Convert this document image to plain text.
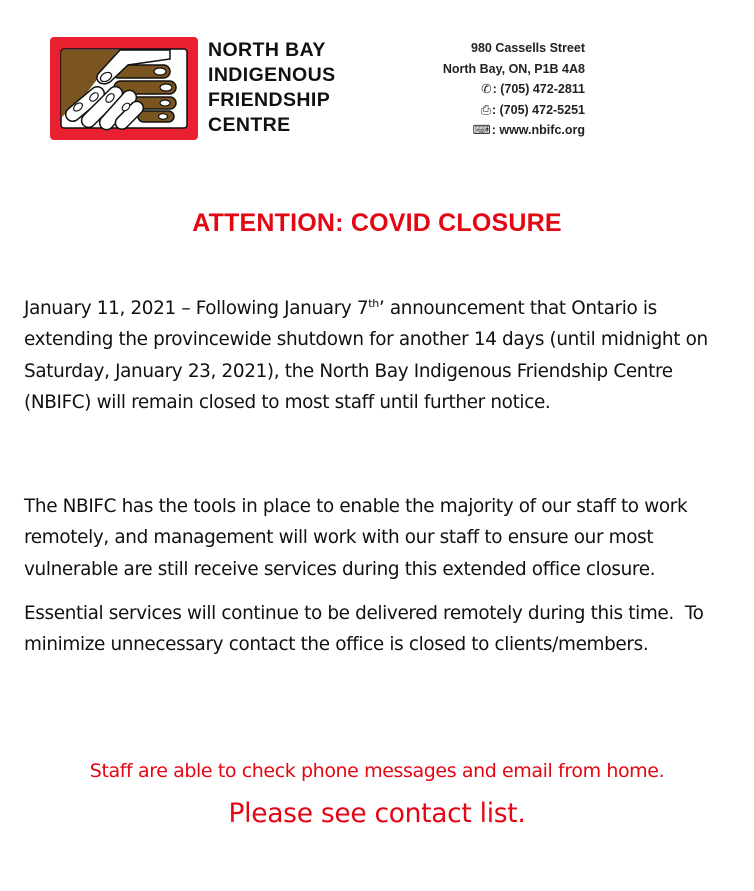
NORTH BAY
INDIGENOUS
FRIENDSHIP
CENTRE
980 Cassells Street
North Bay, ON, P1B 4A8
✆: (705) 472-2811
⎙: (705) 472-5251
⌨: www.nbifc.org
ATTENTION: COVID CLOSURE

January 11, 2021 – Following January 7th’ announcement that Ontario is extending the provincewide shutdown for another 14 days (until midnight on Saturday, January 23, 2021), the North Bay Indigenous Friendship Centre (NBIFC) will remain closed to most staff until further notice.

The NBIFC has the tools in place to enable the majority of our staff to work remotely, and management will work with our staff to ensure our most vulnerable are still receive services during this extended office closure.

Essential services will continue to be delivered remotely during this time.  To minimize unnecessary contact the office is closed to clients/members.

Staff are able to check phone messages and email from home.
Please see contact list.
